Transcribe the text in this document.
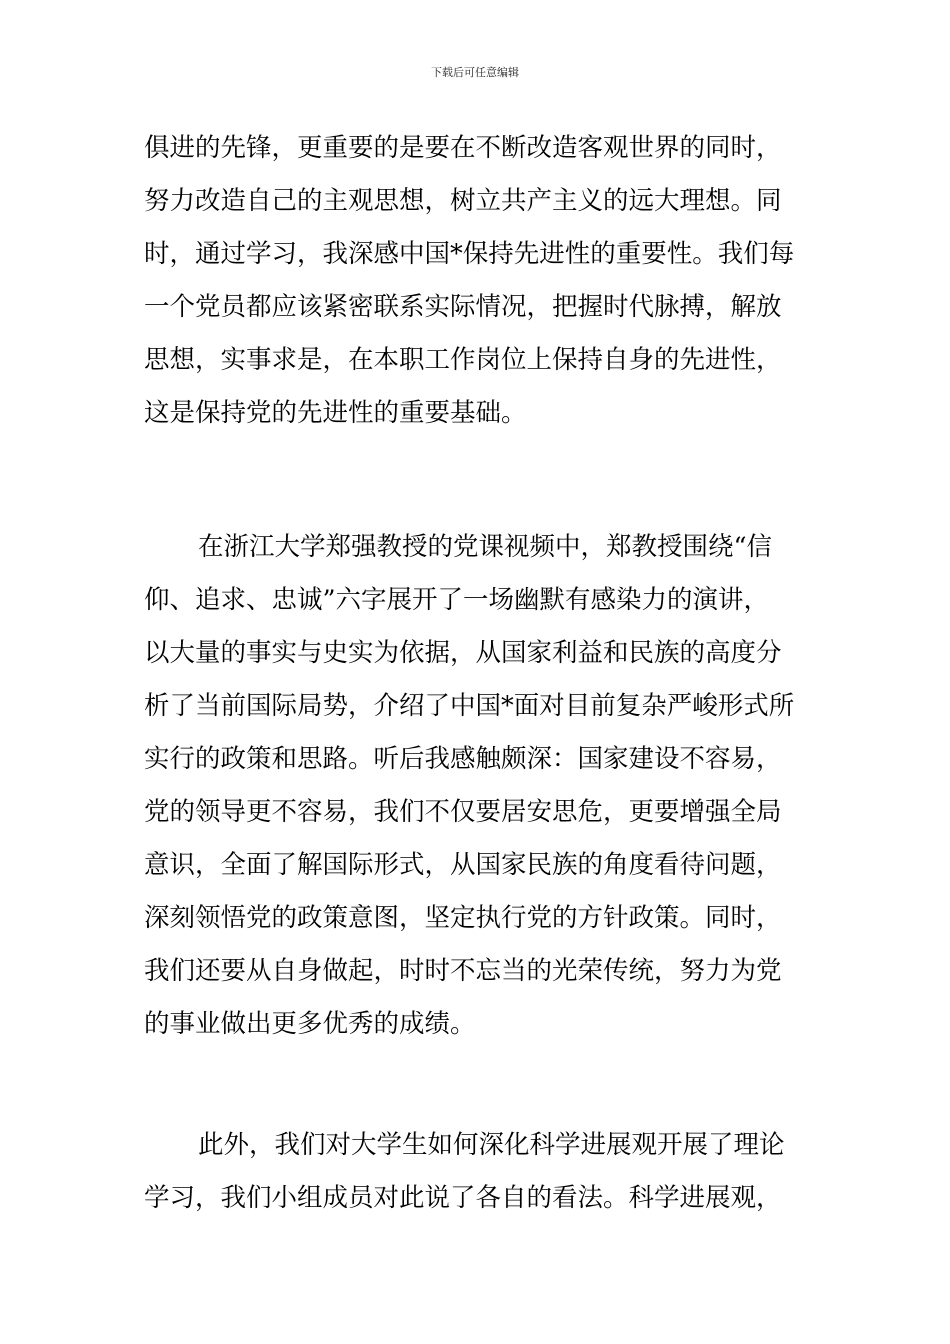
下载后可任意编辑
俱进的先锋，更重要的是要在不断改造客观世界的同时，
努力改造自己的主观思想，树立共产主义的远大理想。同
时，通过学习，我深感中国*保持先进性的重要性。我们每
一个党员都应该紧密联系实际情况，把握时代脉搏，解放
思想，实事求是，在本职工作岗位上保持自身的先进性，
这是保持党的先进性的重要基础。
在浙江大学郑强教授的党课视频中，郑教授围绕“信
仰、追求、忠诚”六字展开了一场幽默有感染力的演讲，
以大量的事实与史实为依据，从国家利益和民族的高度分
析了当前国际局势，介绍了中国*面对目前复杂严峻形式所
实行的政策和思路。听后我感触颇深：国家建设不容易，
党的领导更不容易，我们不仅要居安思危，更要增强全局
意识，全面了解国际形式，从国家民族的角度看待问题，
深刻领悟党的政策意图，坚定执行党的方针政策。同时，
我们还要从自身做起，时时不忘当的光荣传统，努力为党
的事业做出更多优秀的成绩。
此外，我们对大学生如何深化科学进展观开展了理论
学习，我们小组成员对此说了各自的看法。科学进展观，
